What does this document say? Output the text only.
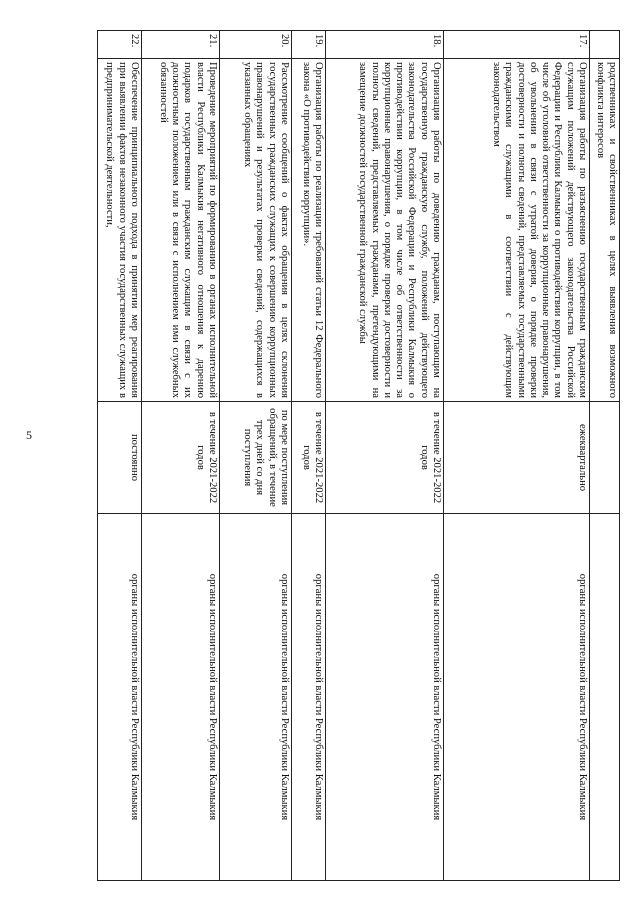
5
	родственниках и свойственниках в целях выявления возможного конфликта интересов		
17.	Организация работы по разъяснению государственным гражданским служащим положений действующего законодательства Российской Федерации и Республики Калмыкия о противодействии коррупции, в том числе об уголовной ответственности за коррупционные правонарушения, об увольнении в связи с утратой доверия, о порядке проверки достоверности и полноты сведений, представляемых государственными гражданскими служащими в соответствии с действующим законодательством	ежеквартально	органы исполнительной власти Республики Калмыкия
18.	Организация работы по доведению гражданам, поступающим на государственную гражданскую службу, положений действующего законодательства Российской Федерации и Республики Калмыкия о противодействии коррупции, в том числе об ответственности за коррупционные правонарушения, о порядке проверки достоверности и полноты сведений, представляемых гражданами, претендующими на замещение должностей государственной гражданской службы	в течение 2021-2022 годов	органы исполнительной власти Республики Калмыкия
19.	Организация работы по реализации требований статьи 12 Федерального закона «О противодействии коррупции».	в течение 2021-2022 годов	органы исполнительной власти Республики Калмыкия
20.	Рассмотрение сообщений о фактах обращения в целях склонения государственных гражданских служащих к совершению коррупционных правонарушений и результатах проверки сведений, содержащихся в указанных обращениях	по мере поступления обращений, в течение трех дней со дня поступления	органы исполнительной власти Республики Калмыкия
21.	Проведение мероприятий по формированию в органах исполнительной власти Республики Калмыкия негативного отношения к дарению подарков государственным гражданским служащим в связи с их должностным положением или в связи с исполнением ими служебных обязанностей	в течение 2021-2022 годов	органы исполнительной власти Республики Калмыкия
22.	Обеспечение принципиального подхода в принятии мер реагирования при выявлении фактов незаконного участия государственных служащих в предпринимательской деятельности,	постоянно	органы исполнительной власти Республики Калмыкия
